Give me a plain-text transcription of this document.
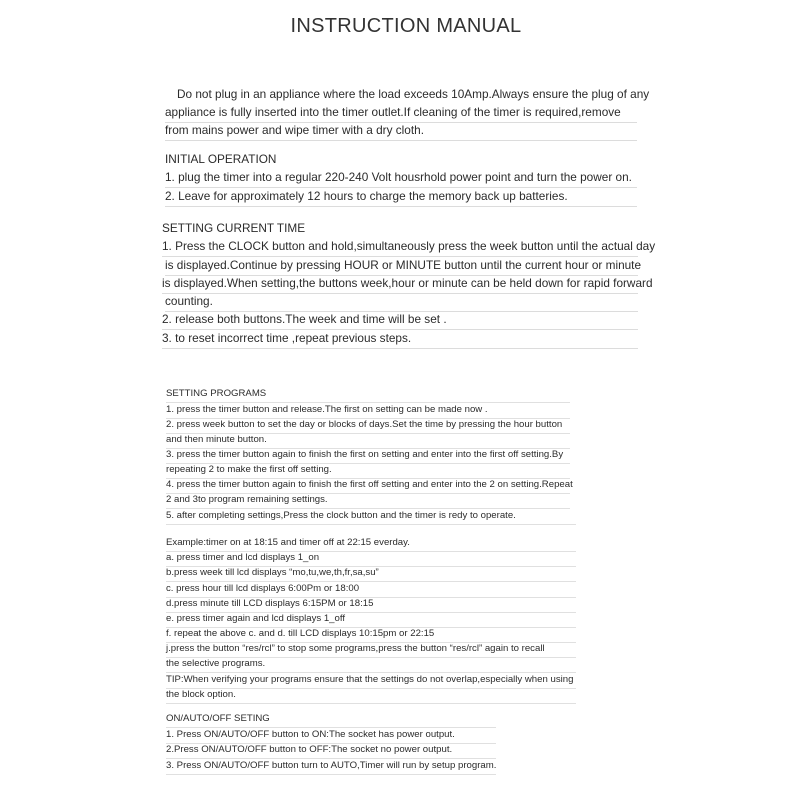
INSTRUCTION MANUAL
Do not plug in an appliance where the load exceeds 10Amp.Always ensure the plug of any
appliance is fully inserted into the timer outlet.If cleaning of the timer is required,remove
from mains power and wipe timer with a dry cloth.
INITIAL OPERATION
1. plug the timer into a regular 220-240 Volt housrhold power point and turn the power on.
2. Leave for approximately 12 hours to charge the memory back up batteries.
SETTING CURRENT TIME
1. Press the CLOCK button and hold,simultaneously press the week button until the actual day
is displayed.Continue by pressing HOUR or MINUTE button until the current hour or minute
is displayed.When setting,the buttons week,hour or minute can be held down for rapid forward
counting.
2. release both buttons.The week and time will be set .
3. to reset incorrect time ,repeat previous steps.
SETTING PROGRAMS
1. press the timer button and release.The first on setting can be made now .
2. press week button to set the day or blocks of days.Set the time by pressing the hour button
and then minute button.
3. press the timer button again to finish the first on setting and enter into the first off setting.By
repeating 2 to make the first off setting.
4. press the timer button again to finish the first off setting and enter into the 2 on setting.Repeat
2 and 3to program remaining settings.
5. after completing settings,Press the clock button and the timer is redy to operate.
Example:timer on at 18:15 and timer off at 22:15 everday.
a. press timer and lcd displays 1_on
b.press week till lcd displays “mo,tu,we,th,fr,sa,su”
c. press hour till lcd displays 6:00Pm or 18:00
d.press minute till LCD displays 6:15PM or 18:15
e. press timer again and lcd displays 1_off
f. repeat the above c. and d. till LCD displays 10:15pm or 22:15
j.press the button “res/rcl” to stop some programs,press the button “res/rcl” again to recall
the selective programs.
TIP:When verifying your programs ensure that the settings do not overlap,especially when using
the block option.
ON/AUTO/OFF SETING
1. Press ON/AUTO/OFF button to ON:The socket has power output.
2.Press ON/AUTO/OFF button to OFF:The socket no power output.
3. Press ON/AUTO/OFF button turn to AUTO,Timer will run by setup program.
